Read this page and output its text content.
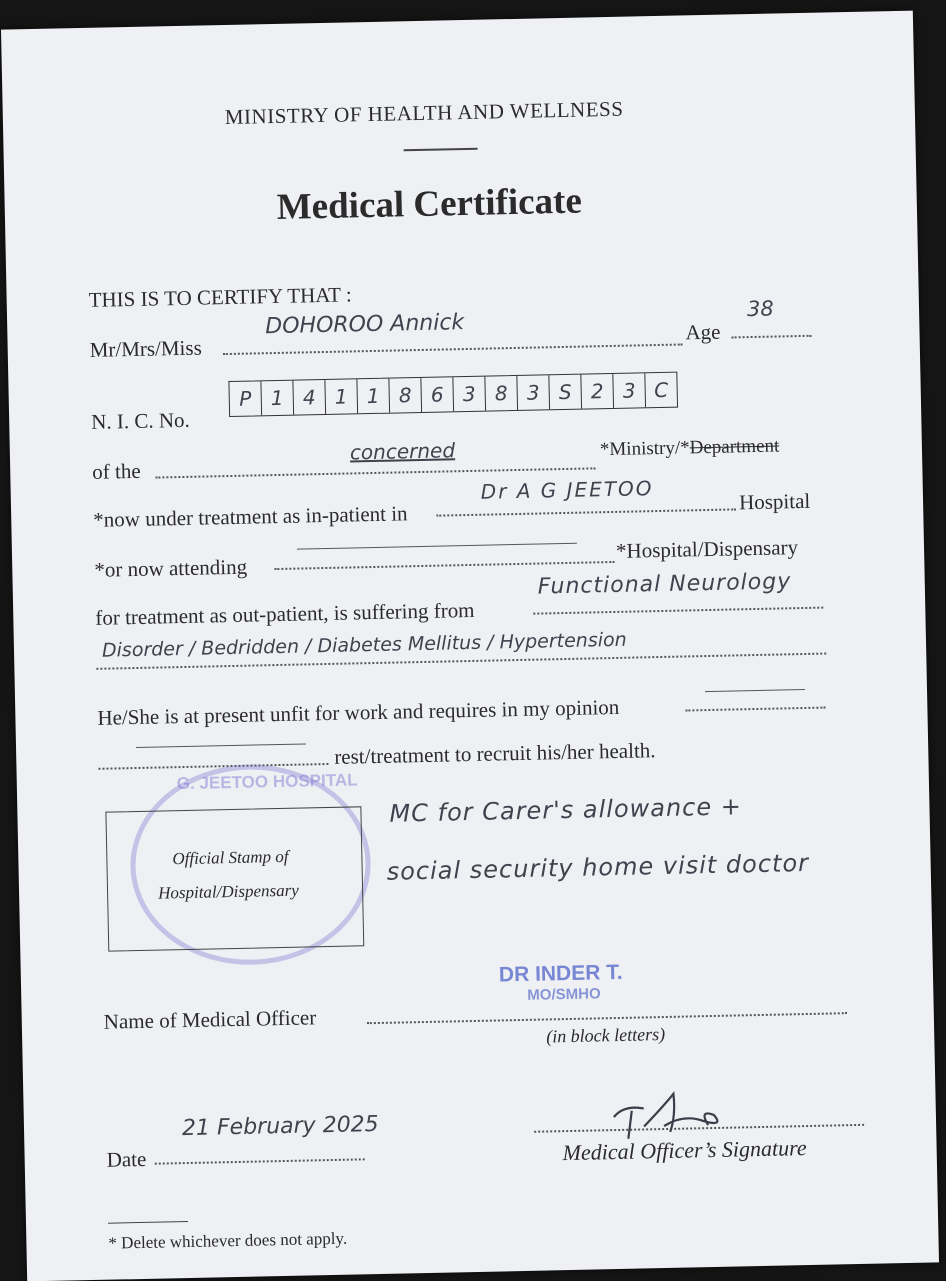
MINISTRY OF HEALTH AND WELLNESS
Medical Certificate
THIS IS TO CERTIFY THAT :
Mr/Mrs/Miss
DOHOROO Annick	Age
38
N. I. C. No.
P 1 4 1 1 8 6 3 8 3 S 2 3 C
of the
concerned	*Ministry/*Department
*now under treatment as in-patient in
Dr A G JEETOO	Hospital
*or now attending
*Hospital/Dispensary
for treatment as out-patient, is suffering from
Functional Neurology
Disorder / Bedridden / Diabetes Mellitus / Hypertension
He/She is at present unfit for work and requires in my opinion
rest/treatment to recruit his/her health.
G. JEETOO HOSPITAL
Official Stamp of
Hospital/Dispensary
MC for Carer's allowance +
social security home visit doctor
Name of Medical Officer
DR INDER T.
MO/SMHO
(in block letters)
Date
21 February 2025
Medical Officer’s Signature
* Delete whichever does not apply.
